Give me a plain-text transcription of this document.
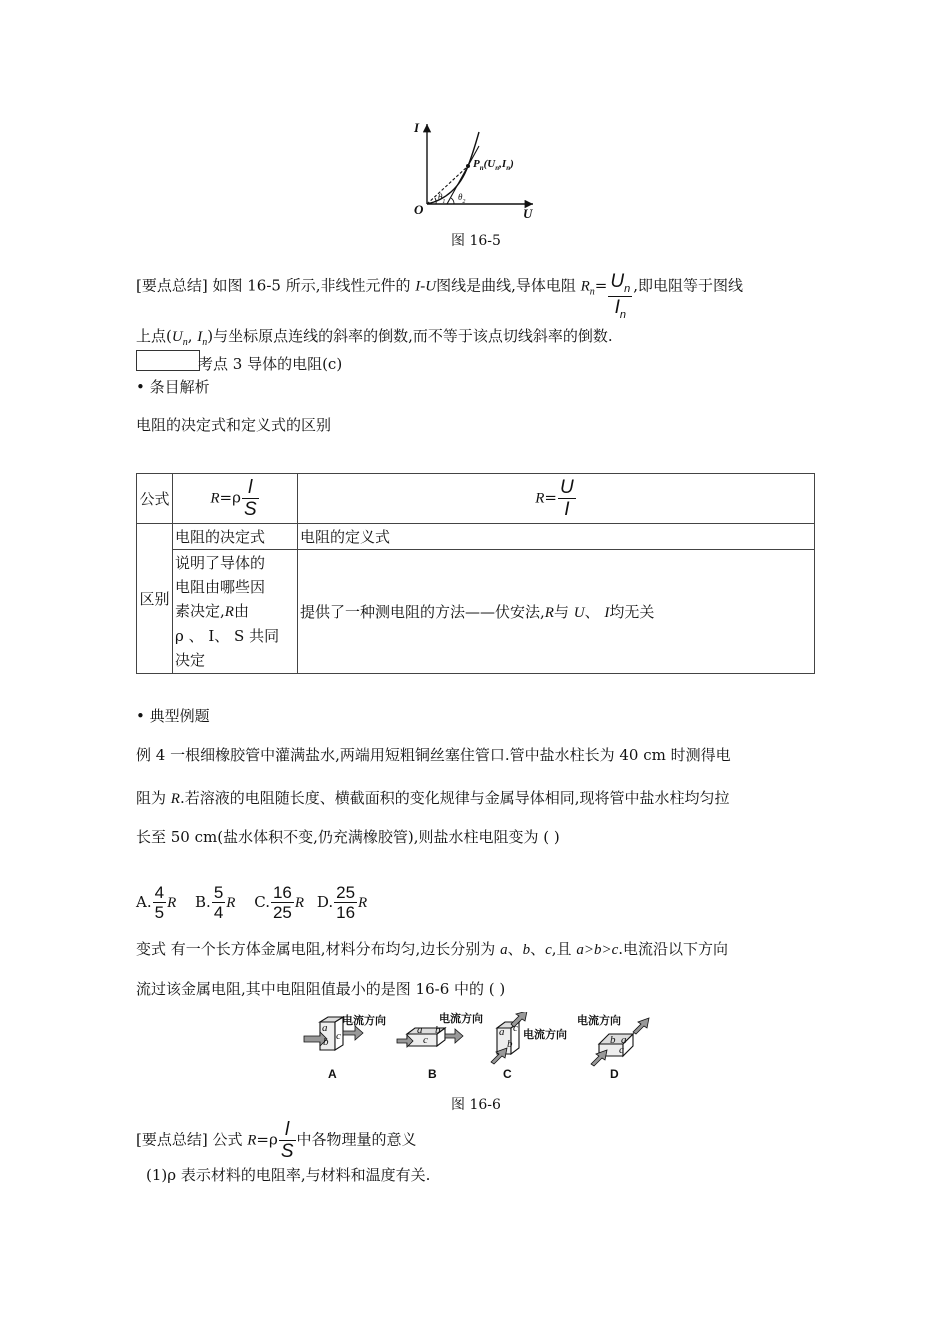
I
U
O
$P_n(U_n,I_n)$
$\theta_1$ $\theta_2$
图 16-5
[要点总结] 如图 16-5 所示,非线性元件的 I-U图线是曲线,导体电阻 $R_n= \frac{U_n}{I_n}$ ,即电阻等于图线
上点($U_n$, $I_n$)与坐标原点连线的斜率的倒数,而不等于该点切线斜率的倒数.
考点 3 导体的电阻(c)
• 条目解析
电阻的决定式和定义式的区别
公式	$R=\rho \frac{l}{S}$	$R= \frac{U}{I}$

区别	电阻的决定式	电阻的定义式
	说明了导体的
电阻由哪些因
素决定,R由
ρ 、 I、 S 共同
决定	提供了一种测电阻的方法——伏安法,R与 U、 I均无关
• 典型例题
例 4 一根细橡胶管中灌满盐水,两端用短粗铜丝塞住管口.管中盐水柱长为 40 cm 时测得电
阻为 R.若溶液的电阻随长度、横截面积的变化规律与金属导体相同,现将管中盐水柱均匀拉
长至 50 cm(盐水体积不变,仍充满橡胶管),则盐水柱电阻变为 ( )
A. $\frac{4}{5}$ R B. $\frac{5}{4}$ R C. $\frac{16}{25}$ R D. $\frac{25}{16}$ R
变式 有一个长方体金属电阻,材料分布均匀,边长分别为 a、b、c,且 a>b>c.电流沿以下方向
流过该金属电阻,其中电阻阻值最小的是图 16-6 中的 ( )
a
b c
电流方向
A
a b
c
电流方向
B
a
b
c
电流方向
C
b a
c
电流方向
D
图 16-6
[要点总结] 公式 $R=\rho \frac{l}{S}$ 中各物理量的意义
(1)ρ 表示材料的电阻率,与材料和温度有关.
